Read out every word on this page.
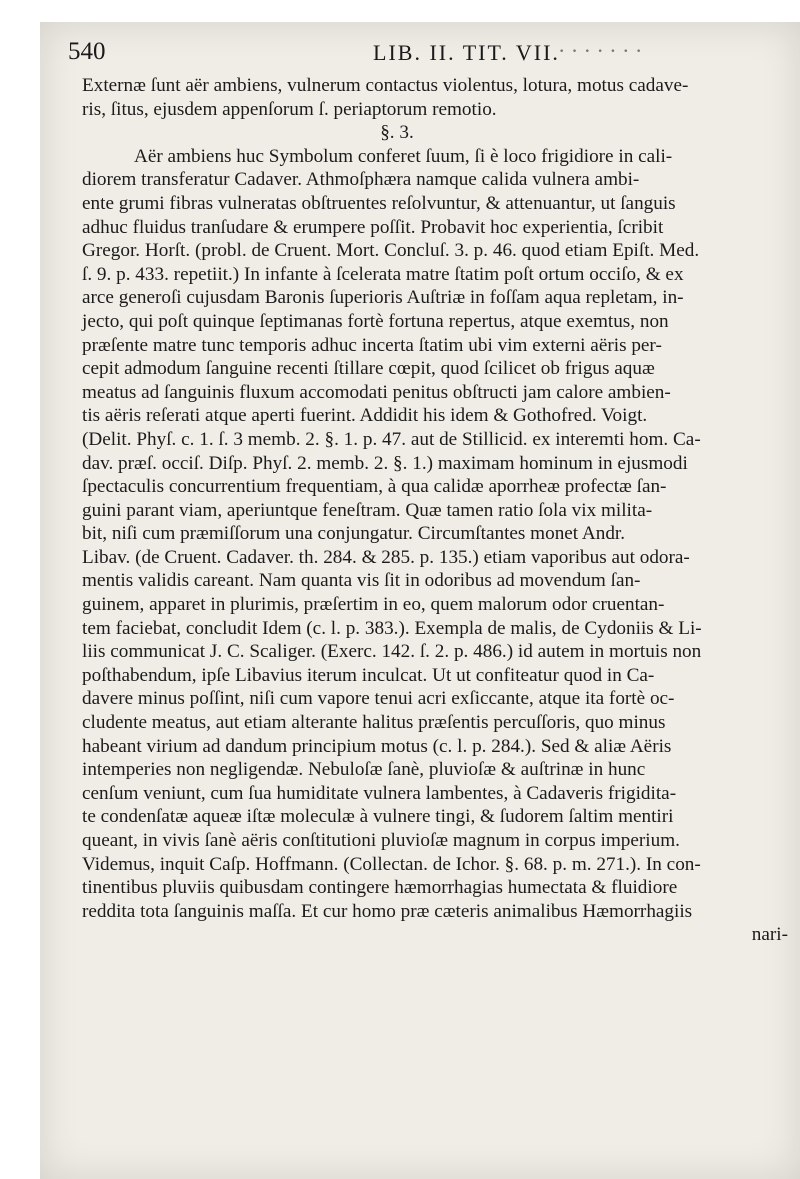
540	LIB. II. TIT. VII.
· · · · · · ·
Externæ ſunt aër ambiens, vulnerum contactus violentus, lotura, motus cadave-
ris, ſitus, ejusdem appenſorum ſ. periaptorum remotio.
§. 3.
Aër ambiens huc Symbolum conferet ſuum, ſi è loco frigidiore in cali-
diorem transferatur Cadaver. Athmoſphæra namque calida vulnera ambi-
ente grumi fibras vulneratas obſtruentes reſolvuntur, & attenuantur, ut ſanguis
adhuc fluidus tranſudare & erumpere poſſit. Probavit hoc experientia, ſcribit
Gregor. Horſt. (probl. de Cruent. Mort. Concluſ. 3. p. 46. quod etiam Epiſt. Med.
ſ. 9. p. 433. repetiit.) In infante à ſcelerata matre ſtatim poſt ortum occiſo, & ex
arce generoſi cujusdam Baronis ſuperioris Auſtriæ in foſſam aqua repletam, in-
jecto, qui poſt quinque ſeptimanas fortè fortuna repertus, atque exemtus, non
præſente matre tunc temporis adhuc incerta ſtatim ubi vim externi aëris per-
cepit admodum ſanguine recenti ſtillare cœpit, quod ſcilicet ob frigus aquæ
meatus ad ſanguinis fluxum accomodati penitus obſtructi jam calore ambien-
tis aëris reſerati atque aperti fuerint. Addidit his idem & Gothofred. Voigt.
(Delit. Phyſ. c. 1. ſ. 3 memb. 2. §. 1. p. 47. aut de Stillicid. ex interemti hom. Ca-
dav. præſ. occiſ. Diſp. Phyſ. 2. memb. 2. §. 1.) maximam hominum in ejusmodi
ſpectaculis concurrentium frequentiam, à qua calidæ aporrheæ profectæ ſan-
guini parant viam, aperiuntque feneſtram. Quæ tamen ratio ſola vix milita-
bit, niſi cum præmiſſorum una conjungatur. Circumſtantes monet Andr.
Libav. (de Cruent. Cadaver. th. 284. & 285. p. 135.) etiam vaporibus aut odora-
mentis validis careant. Nam quanta vis ſit in odoribus ad movendum ſan-
guinem, apparet in plurimis, præſertim in eo, quem malorum odor cruentan-
tem faciebat, concludit Idem (c. l. p. 383.). Exempla de malis, de Cydoniis & Li-
liis communicat J. C. Scaliger. (Exerc. 142. ſ. 2. p. 486.) id autem in mortuis non
poſthabendum, ipſe Libavius iterum inculcat. Ut ut confiteatur quod in Ca-
davere minus poſſint, niſi cum vapore tenui acri exſiccante, atque ita fortè oc-
cludente meatus, aut etiam alterante halitus præſentis percuſſoris, quo minus
habeant virium ad dandum principium motus (c. l. p. 284.). Sed & aliæ Aëris
intemperies non negligendæ. Nebuloſæ ſanè, pluvioſæ & auſtrinæ in hunc
cenſum veniunt, cum ſua humiditate vulnera lambentes, à Cadaveris frigidita-
te condenſatæ aqueæ iſtæ moleculæ à vulnere tingi, & ſudorem ſaltim mentiri
queant, in vivis ſanè aëris conſtitutioni pluvioſæ magnum in corpus imperium.
Videmus, inquit Caſp. Hoffmann. (Collectan. de Ichor. §. 68. p. m. 271.). In con-
tinentibus pluviis quibusdam contingere hæmorrhagias humectata & fluidiore
reddita tota ſanguinis maſſa. Et cur homo præ cæteris animalibus Hæmorrhagiis
nari-
